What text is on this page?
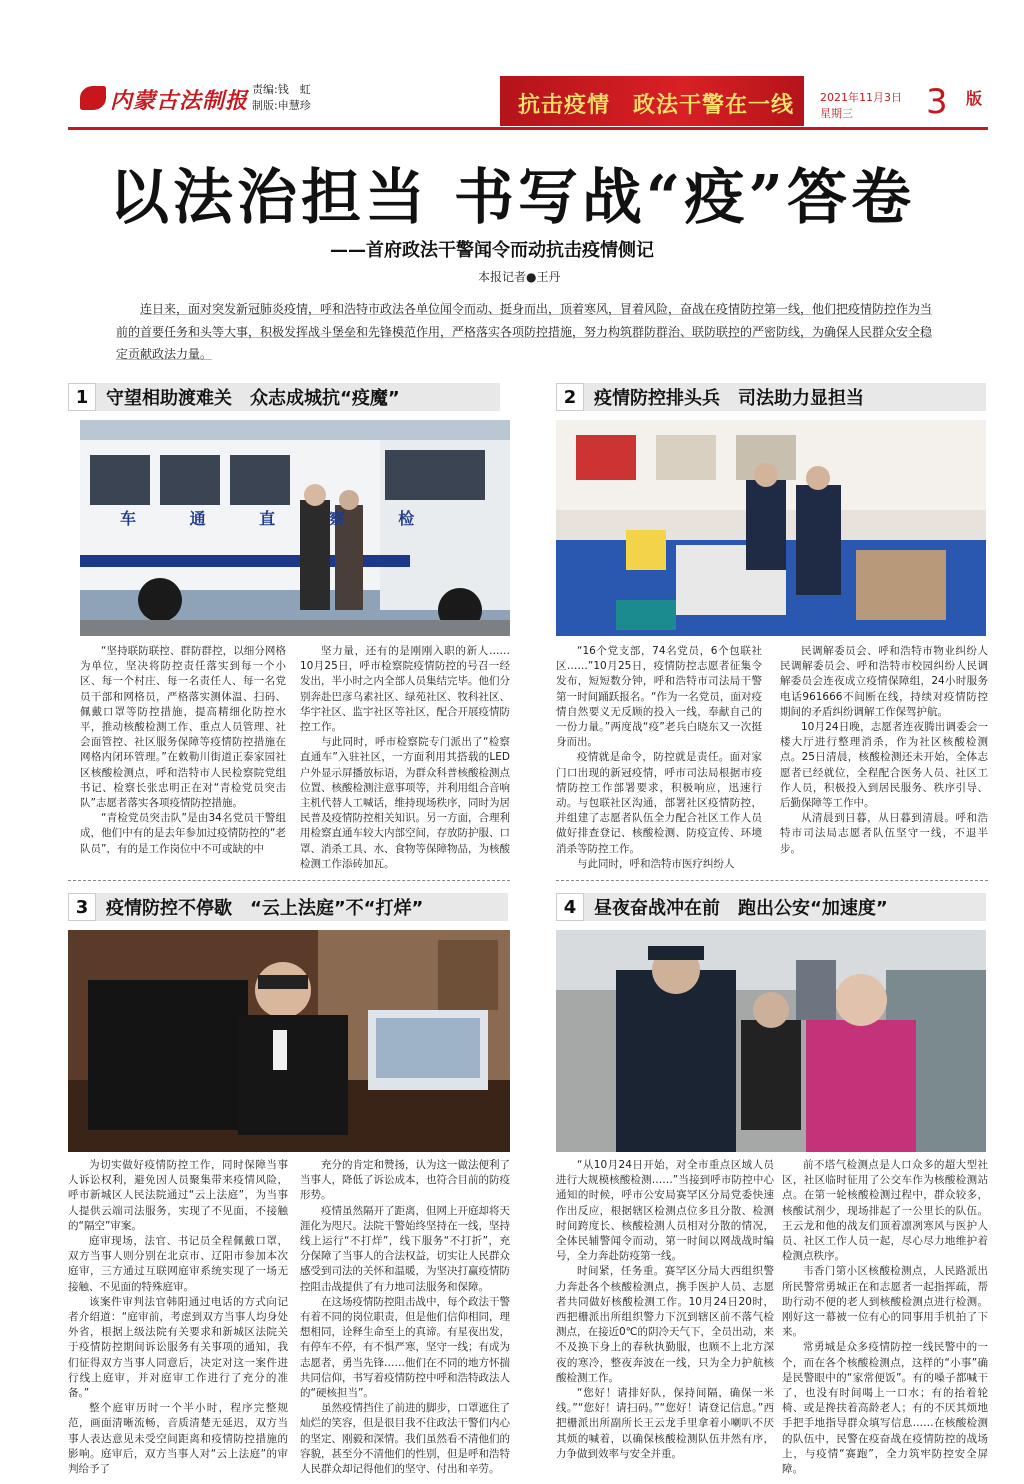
内蒙古法制报 责编:钱　虹
制版:申慧珍	抗击疫情　政法干警在一线 2021年11月3日
星期三	3 版
以法治担当 书写战“疫”答卷
——首府政法干警闻令而动抗击疫情侧记
本报记者●王丹
连日来，面对突发新冠肺炎疫情，呼和浩特市政法各单位闻令而动、挺身而出，顶着寒风，冒着风险，奋战在疫情防控第一线，他们把疫情防控作为当前的首要任务和头等大事，积极发挥战斗堡垒和先锋模范作用，严格落实各项防控措施，努力构筑群防群治、联防联控的严密防线，为确保人民群众安全稳定贡献政法力量。
1 守望相助渡难关　众志成城抗“疫魔”
车 通 直 察 检

“坚持联防联控、群防群控，以细分网格为单位，坚决将防控责任落实到每一个小区、每一个村庄、每一名责任人、每一名党员干部和网格员，严格落实测体温、扫码、佩戴口罩等防控措施，提高精细化防控水平，推动核酸检测工作、重点人员管理、社会面管控、社区服务保障等疫情防控措施在网格内闭环管理。”在敕勒川街道正泰家园社区核酸检测点，呼和浩特市人民检察院党组书记、检察长张忠明正在对“青检党员突击队”志愿者落实各项疫情防控措施。

“青检党员突击队”是由34名党员干警组成，他们中有的是去年参加过疫情防控的“老队员”，有的是工作岗位中不可或缺的中

坚力量，还有的是刚刚入职的新人……10月25日，呼市检察院疫情防控的号召一经发出，半小时之内全部人员集结完毕。他们分别奔赴巴彦乌素社区、绿苑社区、牧科社区、华宇社区、监宇社区等社区，配合开展疫情防控工作。

与此同时，呼市检察院专门派出了“检察直通车”入驻社区，一方面利用其搭载的LED户外显示屏播放标语，为群众科普核酸检测点位置、核酸检测注意事项等，并利用组合音响主机代替人工喊话，维持现场秩序，同时为居民普及疫情防控相关知识。另一方面，合理利用检察直通车较大内部空间，存放防护服、口罩、消杀工具、水、食物等保障物品，为核酸检测工作添砖加瓦。

2 疫情防控排头兵　司法助力显担当

“16个党支部，74名党员，6个包联社区……”10月25日，疫情防控志愿者征集令发布，短短数分钟，呼和浩特市司法局干警第一时间踊跃报名。“作为一名党员，面对疫情自然要义无反顾的投入一线，奉献自己的一份力量。”两度战“疫”老兵白晓东又一次挺身而出。

疫情就是命令，防控就是责任。面对家门口出现的新冠疫情，呼市司法局根据市疫情防控工作部署要求，积极响应，迅速行动。与包联社区沟通，部署社区疫情防控，并组建了志愿者队伍全力配合社区工作人员做好排查登记、核酸检测、防疫宣传、环境消杀等防控工作。

与此同时，呼和浩特市医疗纠纷人

民调解委员会、呼和浩特市物业纠纷人民调解委员会、呼和浩特市校园纠纷人民调解委员会连夜成立疫情保障组，24小时服务电话961666不间断在线，持续对疫情防控期间的矛盾纠纷调解工作保驾护航。

10月24日晚，志愿者连夜腾出调委会一楼大厅进行整理消杀，作为社区核酸检测点。25日清晨，核酸检测还未开始，全体志愿者已经就位，全程配合医务人员、社区工作人员，积极投入到居民服务、秩序引导、后勤保障等工作中。

从清晨到日暮，从日暮到清晨。呼和浩特市司法局志愿者队伍坚守一线，不退半步。

3 疫情防控不停歇　“云上法庭”不“打烊”

为切实做好疫情防控工作，同时保障当事人诉讼权利，避免因人员聚集带来疫情风险，呼市新城区人民法院通过“云上法庭”，为当事人提供云端司法服务，实现了不见面，不接触的“隔空”审案。

庭审现场，法官、书记员全程佩戴口罩，双方当事人则分别在北京市、辽阳市参加本次庭审，三方通过互联网庭审系统实现了一场无接触、不见面的特殊庭审。

该案件审判法官韩阳通过电话的方式向记者介绍道：“庭审前，考虑到双方当事人均身处外省，根据上级法院有关要求和新城区法院关于疫情防控期间诉讼服务有关事项的通知，我们征得双方当事人同意后，决定对这一案件进行线上庭审，并对庭审工作进行了充分的准备。”

整个庭审历时一个半小时，程序完整规范，画面清晰流畅，音质清楚无延迟，双方当事人表达意见未受空间距离和疫情防控措施的影响。庭审后，双方当事人对“云上法庭”的审判给予了

充分的肯定和赞扬，认为这一做法便利了当事人，降低了诉讼成本，也符合目前的防疫形势。

疫情虽然隔开了距离，但网上开庭却将天涯化为咫尺。法院干警始终坚持在一线，坚持线上运行“不打烊”，线下服务“不打折”，充分保障了当事人的合法权益，切实让人民群众感受到司法的关怀和温暖，为坚决打赢疫情防控阻击战提供了有力地司法服务和保障。

在这场疫情防控阻击战中，每个政法干警有着不同的岗位职责，但是他们信仰相同，理想相同，诠释生命至上的真谛。有星夜出发，有停车不停，有不惧严寒，坚守一线；有成为志愿者，勇当先锋……他们在不同的地方怀揣共同信仰，书写着疫情防控中呼和浩特政法人的“硬核担当”。

虽然疫情挡住了前进的脚步，口罩遮住了灿烂的笑容，但是很目我不住政法干警们内心的坚定、刚毅和深情。我们虽然看不清他们的容貌，甚至分不清他们的性别，但是呼和浩特人民群众却记得他们的坚守、付出和辛劳。

4 昼夜奋战冲在前　跑出公安“加速度”

“从10月24日开始，对全市重点区域人员进行大规模核酸检测……”当接到呼市防控中心通知的时候，呼市公安局赛罕区分局党委快速作出反应，根据辖区检测点位多且分散、检测时间跨度长、核酸检测人员相对分散的情况，全体民辅警闻令而动，第一时间以网战战时编号，全力奔赴防疫第一线。

时间紧，任务重。赛罕区分局大西组织警力奔赴各个核酸检测点，携手医护人员、志愿者共同做好核酸检测工作。10月24日20时，西把栅派出所组织警力下沉到辖区前不落气检测点，在接近0℃的阴冷天气下，全员出动，来不及换下身上的春秋执勤服，也顾不上北方深夜的寒冷，整夜奔波在一线，只为全力护航核酸检测工作。

“您好！请排好队，保持间隔，确保一米线。”“您好！请扫码。”“您好！请登记信息。”西把栅派出所副所长王云龙手里拿着小喇叭不厌其烦的喊着，以确保核酸检测队伍井然有序，力争做到效率与安全并重。

前不塔气检测点是人口众多的超大型社区，社区临时征用了公交车作为核酸检测站点。在第一轮核酸检测过程中，群众较多，核酸试剂少，现场排起了一公里长的队伍。王云龙和他的战友们顶着凛冽寒风与医护人员、社区工作人员一起，尽心尽力地维护着检测点秩序。

韦香门第小区核酸检测点，人民路派出所民警常勇城正在和志愿者一起指挥疏，帮助行动不便的老人到核酸检测点进行检测。刚好这一幕被一位有心的同事用手机拍了下来。

常勇城是众多疫情防控一线民警中的一个，而在各个核酸检测点，这样的“小事”确是民警眼中的“家常便饭”。有的嗓子都喊干了，也没有时间喝上一口水；有的抬着轮椅、或是搀扶着高龄老人；有的不厌其烦地手把手地指导群众填写信息……在核酸检测的队伍中，民警在疫奋战在疫情防控的战场上，与疫情“赛跑”，全力筑牢防控安全屏障。
